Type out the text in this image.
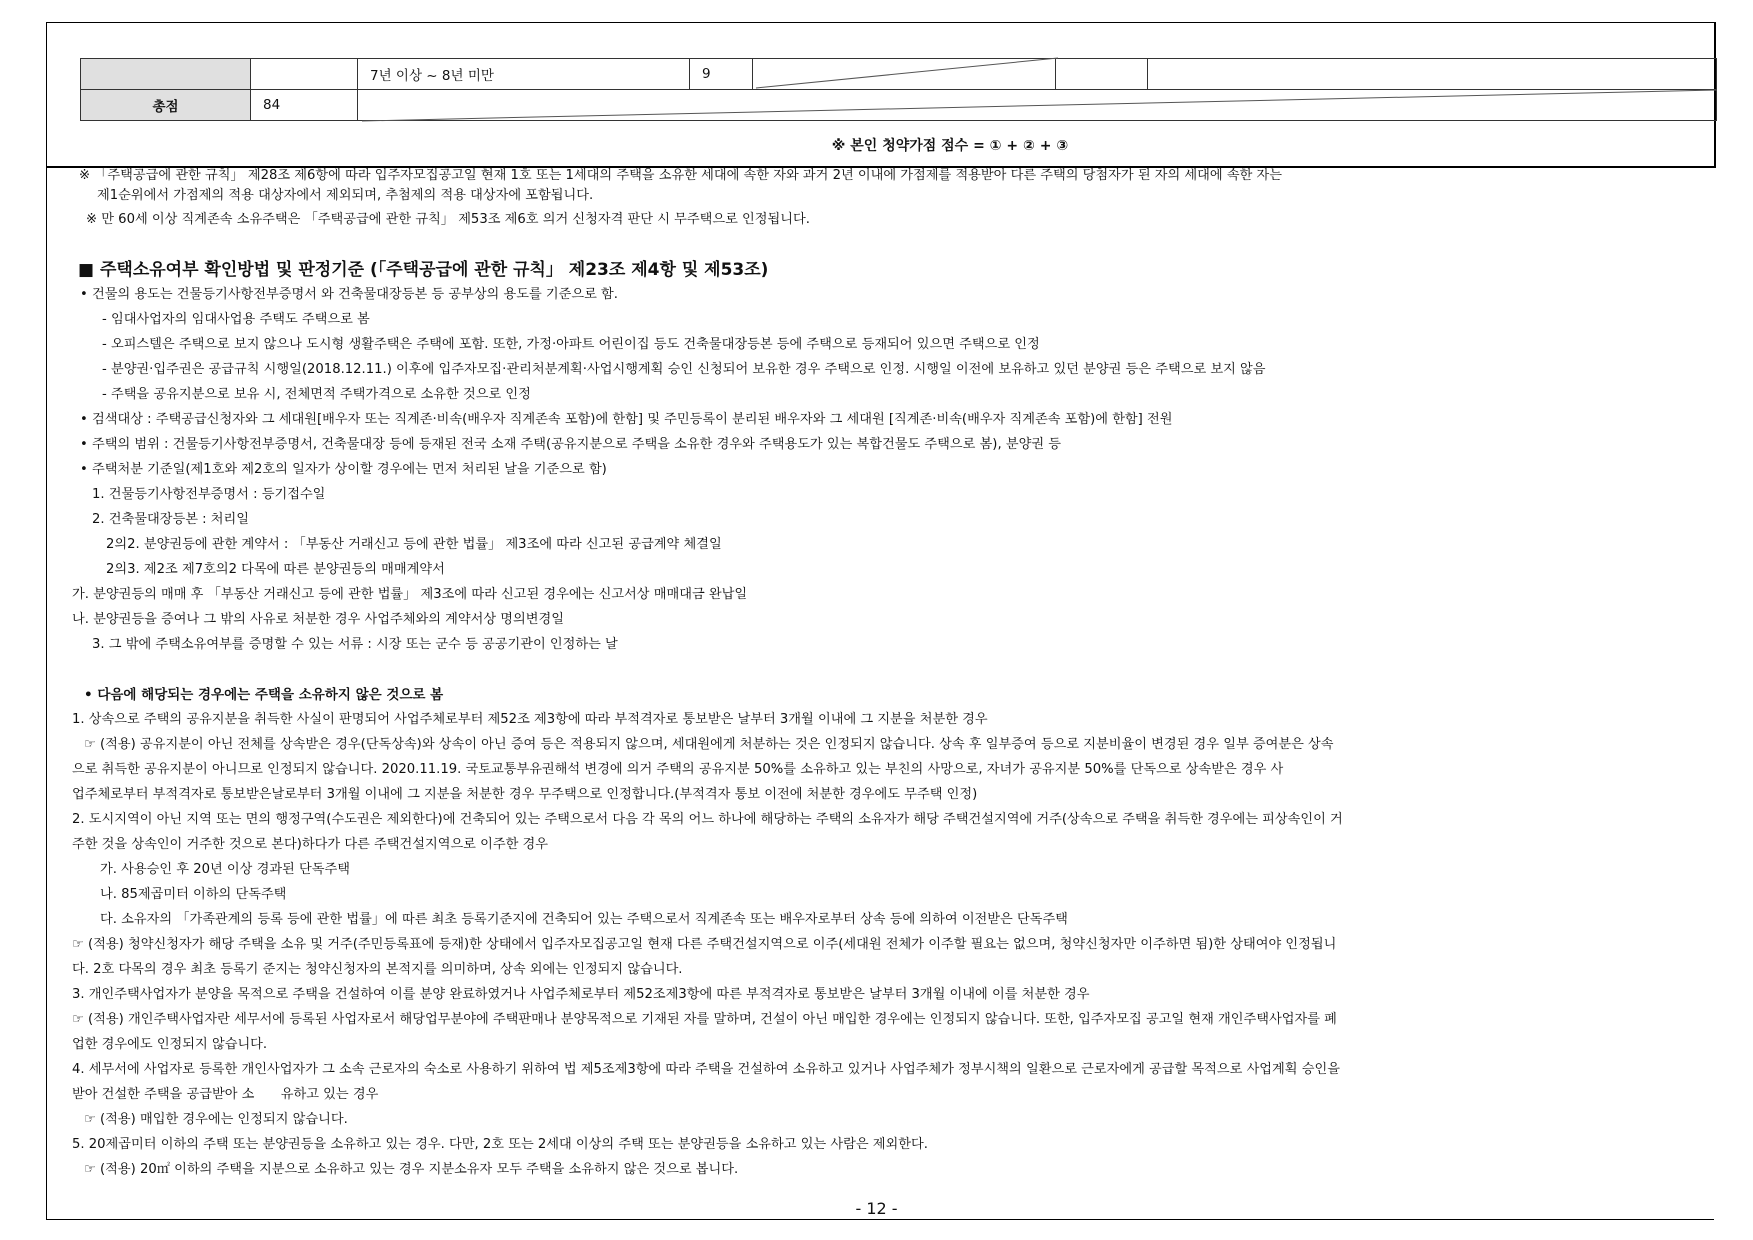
		7년 이상 ~ 8년 미만	9			
총점	84					
※ 본인 청약가점 점수 = ① + ② + ③
※ 「주택공급에 관한 규칙」 제28조 제6항에 따라 입주자모집공고일 현재 1호 또는 1세대의 주택을 소유한 세대에 속한 자와 과거 2년 이내에 가점제를 적용받아 다른 주택의 당첨자가 된 자의 세대에 속한 자는
제1순위에서 가점제의 적용 대상자에서 제외되며, 추첨제의 적용 대상자에 포함됩니다.
※ 만 60세 이상 직계존속 소유주택은 「주택공급에 관한 규칙」 제53조 제6호 의거 신청자격 판단 시 무주택으로 인정됩니다.
■ 주택소유여부 확인방법 및 판정기준 (「주택공급에 관한 규칙」 제23조 제4항 및 제53조)
• 건물의 용도는 건물등기사항전부증명서 와 건축물대장등본 등 공부상의 용도를 기준으로 함.
- 임대사업자의 임대사업용 주택도 주택으로 봄
- 오피스텔은 주택으로 보지 않으나 도시형 생활주택은 주택에 포함. 또한, 가정·아파트 어린이집 등도 건축물대장등본 등에 주택으로 등재되어 있으면 주택으로 인정
- 분양권·입주권은 공급규칙 시행일(2018.12.11.) 이후에 입주자모집·관리처분계획·사업시행계획 승인 신청되어 보유한 경우 주택으로 인정. 시행일 이전에 보유하고 있던 분양권 등은 주택으로 보지 않음
- 주택을 공유지분으로 보유 시, 전체면적 주택가격으로 소유한 것으로 인정
• 검색대상 : 주택공급신청자와 그 세대원[배우자 또는 직계존·비속(배우자 직계존속 포함)에 한함] 및 주민등록이 분리된 배우자와 그 세대원 [직계존·비속(배우자 직계존속 포함)에 한함] 전원
• 주택의 범위 : 건물등기사항전부증명서, 건축물대장 등에 등재된 전국 소재 주택(공유지분으로 주택을 소유한 경우와 주택용도가 있는 복합건물도 주택으로 봄), 분양권 등
• 주택처분 기준일(제1호와 제2호의 일자가 상이할 경우에는 먼저 처리된 날을 기준으로 함)
1. 건물등기사항전부증명서 : 등기접수일
2. 건축물대장등본 : 처리일
2의2. 분양권등에 관한 계약서 : 「부동산 거래신고 등에 관한 법률」 제3조에 따라 신고된 공급계약 체결일
2의3. 제2조 제7호의2 다목에 따른 분양권등의 매매계약서
가. 분양권등의 매매 후 「부동산 거래신고 등에 관한 법률」 제3조에 따라 신고된 경우에는 신고서상 매매대금 완납일
나. 분양권등을 증여나 그 밖의 사유로 처분한 경우 사업주체와의 계약서상 명의변경일
3. 그 밖에 주택소유여부를 증명할 수 있는 서류 : 시장 또는 군수 등 공공기관이 인정하는 날
• 다음에 해당되는 경우에는 주택을 소유하지 않은 것으로 봄
1. 상속으로 주택의 공유지분을 취득한 사실이 판명되어 사업주체로부터 제52조 제3항에 따라 부적격자로 통보받은 날부터 3개월 이내에 그 지분을 처분한 경우
☞ (적용) 공유지분이 아닌 전체를 상속받은 경우(단독상속)와 상속이 아닌 증여 등은 적용되지 않으며, 세대원에게 처분하는 것은 인정되지 않습니다. 상속 후 일부증여 등으로 지분비율이 변경된 경우 일부 증여분은 상속
으로 취득한 공유지분이 아니므로 인정되지 않습니다. 2020.11.19. 국토교통부유권해석 변경에 의거 주택의 공유지분 50%를 소유하고 있는 부친의 사망으로, 자녀가 공유지분 50%를 단독으로 상속받은 경우 사
업주체로부터 부적격자로 통보받은날로부터 3개월 이내에 그 지분을 처분한 경우 무주택으로 인정합니다.(부적격자 통보 이전에 처분한 경우에도 무주택 인정)
2. 도시지역이 아닌 지역 또는 면의 행정구역(수도권은 제외한다)에 건축되어 있는 주택으로서 다음 각 목의 어느 하나에 해당하는 주택의 소유자가 해당 주택건설지역에 거주(상속으로 주택을 취득한 경우에는 피상속인이 거
주한 것을 상속인이 거주한 것으로 본다)하다가 다른 주택건설지역으로 이주한 경우
가. 사용승인 후 20년 이상 경과된 단독주택
나. 85제곱미터 이하의 단독주택
다. 소유자의 「가족관계의 등록 등에 관한 법률」에 따른 최초 등록기준지에 건축되어 있는 주택으로서 직계존속 또는 배우자로부터 상속 등에 의하여 이전받은 단독주택
☞ (적용) 청약신청자가 해당 주택을 소유 및 거주(주민등록표에 등재)한 상태에서 입주자모집공고일 현재 다른 주택건설지역으로 이주(세대원 전체가 이주할 필요는 없으며, 청약신청자만 이주하면 됨)한 상태여야 인정됩니
다. 2호 다목의 경우 최초 등록기 준지는 청약신청자의 본적지를 의미하며, 상속 외에는 인정되지 않습니다.
3. 개인주택사업자가 분양을 목적으로 주택을 건설하여 이를 분양 완료하였거나 사업주체로부터 제52조제3항에 따른 부적격자로 통보받은 날부터 3개월 이내에 이를 처분한 경우
☞ (적용) 개인주택사업자란 세무서에 등록된 사업자로서 해당업무분야에 주택판매나 분양목적으로 기재된 자를 말하며, 건설이 아닌 매입한 경우에는 인정되지 않습니다. 또한, 입주자모집 공고일 현재 개인주택사업자를 폐
업한 경우에도 인정되지 않습니다.
4. 세무서에 사업자로 등록한 개인사업자가 그 소속 근로자의 숙소로 사용하기 위하여 법 제5조제3항에 따라 주택을 건설하여 소유하고 있거나 사업주체가 정부시책의 일환으로 근로자에게 공급할 목적으로 사업계획 승인을
받아 건설한 주택을 공급받아 소　　유하고 있는 경우
☞ (적용) 매입한 경우에는 인정되지 않습니다.
5. 20제곱미터 이하의 주택 또는 분양권등을 소유하고 있는 경우. 다만, 2호 또는 2세대 이상의 주택 또는 분양권등을 소유하고 있는 사람은 제외한다.
☞ (적용) 20㎡ 이하의 주택을 지분으로 소유하고 있는 경우 지분소유자 모두 주택을 소유하지 않은 것으로 봅니다.
- 12 -
